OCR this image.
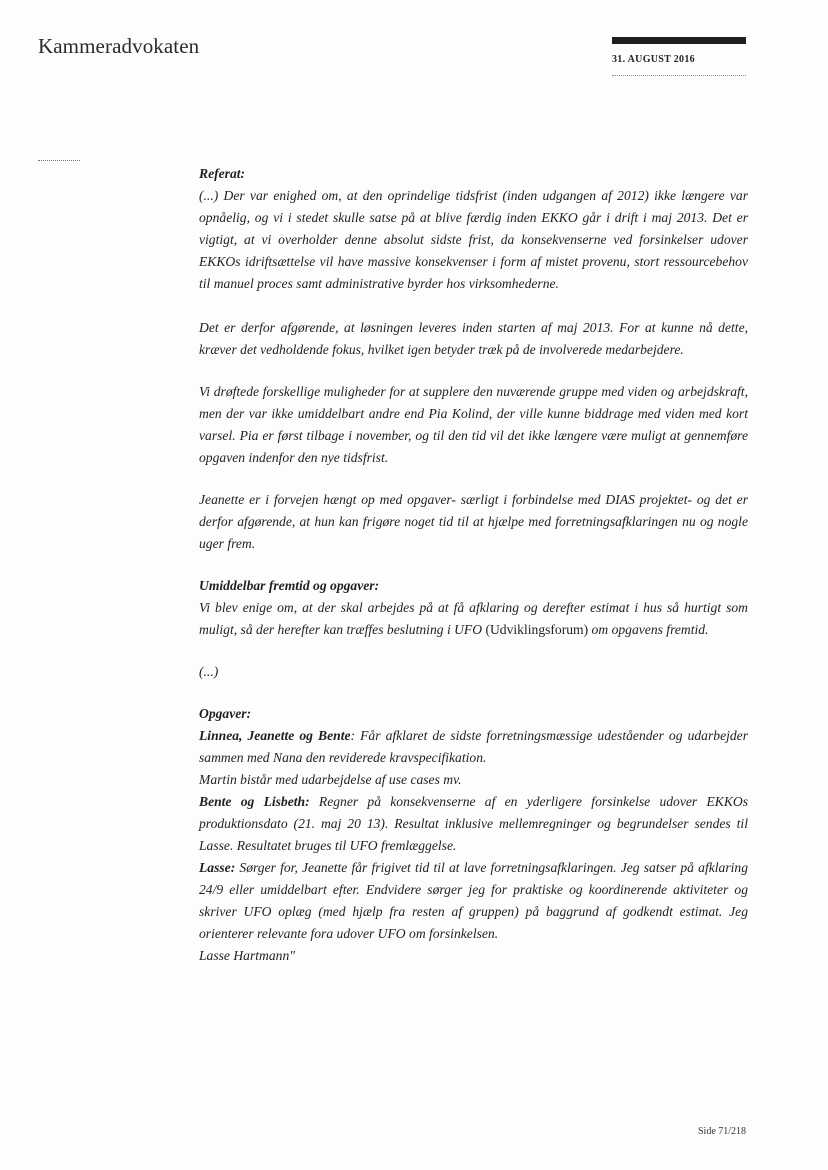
Kammeradvokaten
31. AUGUST 2016

Referat:

(...) Der var enighed om, at den oprindelige tidsfrist (inden udgangen af 2012) ikke længere var opnåelig, og vi i stedet skulle satse på at blive færdig inden EKKO går i drift i maj 2013. Det er vigtigt, at vi overholder denne absolut sidste frist, da konsekvenserne ved forsinkelser udover EKKOs idriftsættelse vil have massive konsekvenser i form af mistet provenu, stort ressourcebehov til manuel proces samt administrative byrder hos virksomhederne.

Det er derfor afgørende, at løsningen leveres inden starten af maj 2013. For at kunne nå dette, kræver det vedholdende fokus, hvilket igen betyder træk på de involverede medarbejdere.

Vi drøftede forskellige muligheder for at supplere den nuværende gruppe med viden og arbejdskraft, men der var ikke umiddelbart andre end Pia Kolind, der ville kunne biddrage med viden med kort varsel. Pia er først tilbage i november, og til den tid vil det ikke længere være muligt at gennemføre opgaven indenfor den nye tidsfrist.

Jeanette er i forvejen hængt op med opgaver- særligt i forbindelse med DIAS projektet- og det er derfor afgørende, at hun kan frigøre noget tid til at hjælpe med forretningsafklaringen nu og nogle uger frem.

Umiddelbar fremtid og opgaver:

Vi blev enige om, at der skal arbejdes på at få afklaring og derefter estimat i hus så hurtigt som muligt, så der herefter kan træffes beslutning i UFO (Udviklingsforum) om opgavens fremtid.

(...)

Opgaver:

Linnea, Jeanette og Bente: Får afklaret de sidste forretningsmæssige udeståender og udarbejder sammen med Nana den reviderede kravspecifikation.

Martin bistår med udarbejdelse af use cases mv.

Bente og Lisbeth: Regner på konsekvenserne af en yderligere forsinkelse udover EKKOs produktionsdato (21. maj 20 13). Resultat inklusive mellemregninger og begrundelser sendes til Lasse. Resultatet bruges til UFO fremlæggelse.

Lasse: Sørger for, Jeanette får frigivet tid til at lave forretningsafklaringen. Jeg satser på afklaring 24/9 eller umiddelbart efter. Endvidere sørger jeg for praktiske og koordinerende aktiviteter og skriver UFO oplæg (med hjælp fra resten af gruppen) på baggrund af godkendt estimat. Jeg orienterer relevante fora udover UFO om forsinkelsen.

Lasse Hartmann"

Side 71/218
